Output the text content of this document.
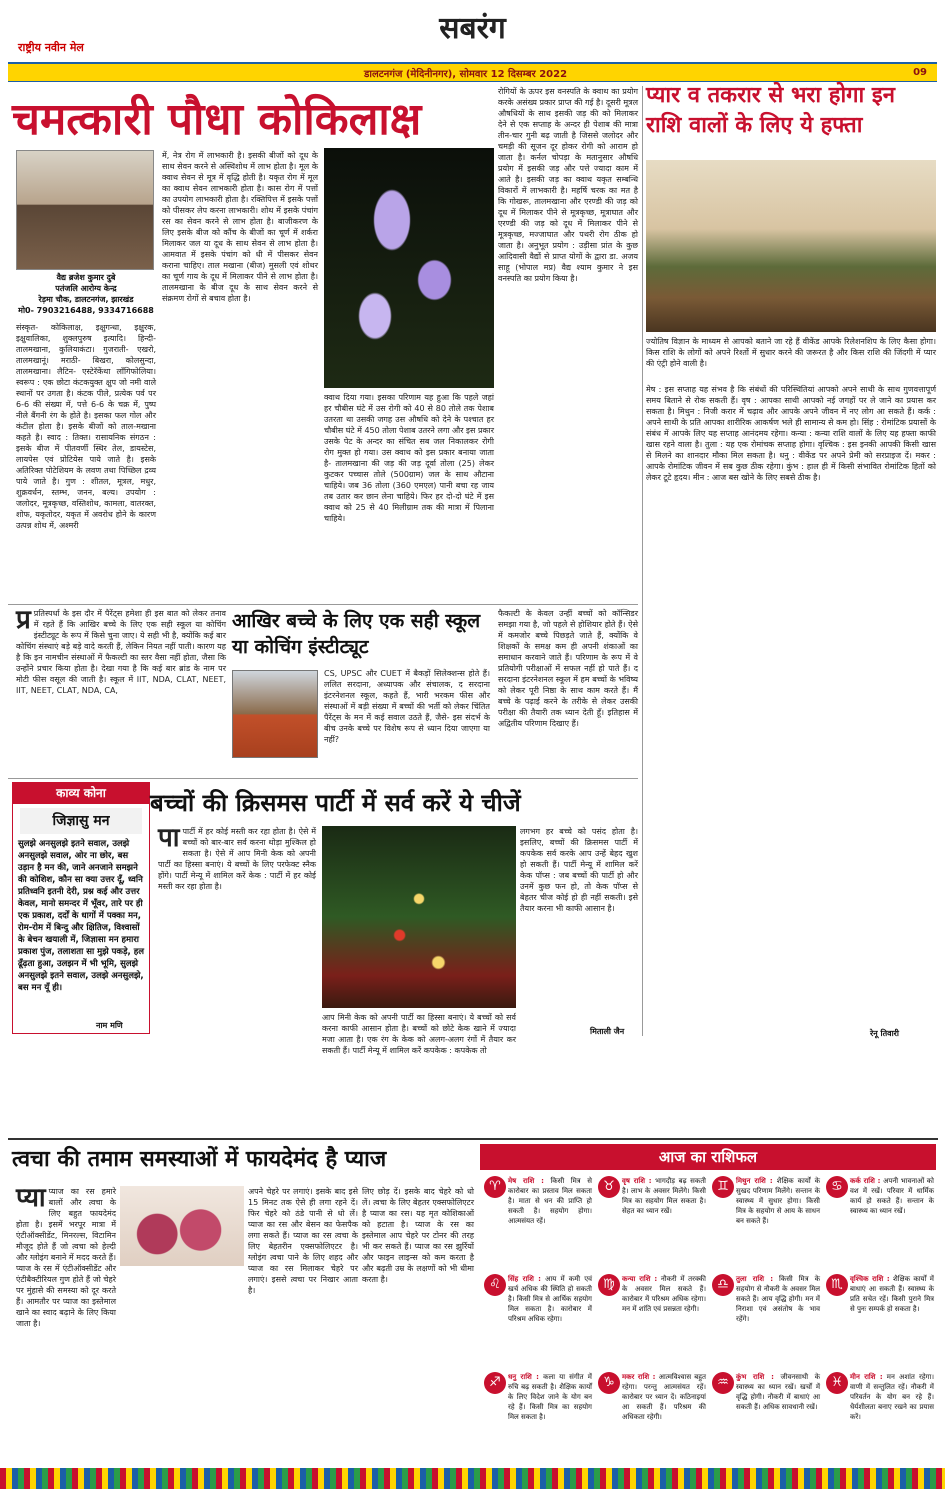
सबरंग
राष्ट्रीय नवीन मेल
डालटनगंज (मेदिनीनगर), सोमवार 12 दिसम्बर 2022	09
चमत्कारी पौधा कोकिलाक्ष
वैद्य ब्रजेश कुमार दुबे
पतंजलि आरोग्य केन्द्र
रेड़मा चौक, डालटनगंज, झारखंड
मो0- 7903216488, 9334716688
संस्कृत- कोकिलाक्ष, इक्षुगन्धा, इक्षुरक, इक्षुवालिका, शुक्लपुरुष इत्यादि। हिन्दी- तालमखाना, कुलियाकंटा। गुजराती- एखरो, तालमखानूं। मराठी- बिखरा, कोलसुन्दा, तालमखाना। लैटिन- एस्टेरॅकेंथा लाँगिफोलिया। स्वरूप : एक छोटा कंटकयुक्त क्षुप जो नमी वाले स्थानों पर उगता है। कंटक पीले, प्रत्येक पर्व पर 6-6 की संख्या में, पत्ते 6-6 के चक्र में, पुष्प नीले बैंगनी रंग के होते है। इसका फल गोल और कंटील होता है। इसके बीजों को ताल-मखाना कहते है। स्वाद : तिक्त। रासायनिक संगठन : इसके बीज में पीतवर्णी स्थिर तेल, डायस्टेस, लायपेस एवं प्रोटियेस पाये जाते है। इसके अतिरिक्त पोटेशियम के लवण तथा पिच्छिल द्रव्य पाये जाते है। गुण : शीतल, मूत्रल, मधुर, शुक्रवर्धन, स्तम्भ, जनन, बल्य। उपयोग : जलोदर, मूत्रकृच्छ, वस्तिशोथ, कामला, वातरक्त, शोफ, यकृतोदर, यकृत में अवरोध होने के कारण उत्पन्न शोथ में, अश्मरी
में, नेत्र रोग में लाभकारी है। इसकी बीजों को दूध के साथ सेवन करने से अस्थिशोथ में लाभ होता है। मूल के क्वाथ सेवन से मूत्र में वृद्धि होती है। यकृत रोग में मूल का क्वाथ सेवन लाभकारी होता है। कास रोग में पत्तों का उपयोग लाभकारी होता है। रक्तिपित्त में इसके पत्तों को पीसकर लेप करना लाभकारी। शोथ में इसके पंचांग रस का सेवन करने से लाभ होता है। बाजीकरण के लिए इसके बीज को कौंच के बीजों का चूर्ण में शर्करा मिलाकर जल या दूध के साथ सेवन से लाभ होता है। आमवात में इसके पंचांग को धी में पीसकर सेवन कराना चाहिए। ताल मखाना (बीज) मुसली एवं शोथर का चूर्ण गाय के दूध में मिलाकर पीने से लाभ होता है। तालमखाना के बीज दूध के साथ सेवन करने से संक्रमण रोगों से बचाव होता है।
क्वाथ दिया गया। इसका परिणाम यह हुआ कि पहले जहां हर चौबीस घंटे में उस रोगी को 40 से 80 तोले तक पेशाब उतरता था उसकी जगह उस औषधि को देने के पश्चात हर चौबीस घंटे में 450 तोला पेशाब उतरने लगा और इस प्रकार उसके पेट के अन्दर का संचित सब जल निकालकर रोगी रोग मुक्त हो गया। उस क्वाथ को इस प्रकार बनाया जाता है- तालमखाना की जड़ की जड़ दूर्वा तोला (25) लेकर कुटकर पच्चास तोले (500ग्राम) जल के साथ औटाना चाहिये। जब 36 तोला (360 एमएल) पानी बचा रह जाय तब उतार कर छान लेना चाहिये। फिर हर दो-दो घंटे में इस क्वाथ को 25 से 40 मिलीग्राम तक की मात्रा में पिलाना चाहिये।
रोगियों के ऊपर इस वनस्पति के क्वाथ का प्रयोग करके असंख्य प्रकार प्राप्त की गई है। दूसरी मूत्रल औषधियों के साथ इसकी जड़ की को मिलाकर देने से एक सप्ताह के अन्दर ही पेशाब की मात्रा तीन-चार गुनी बढ़ जाती है जिससे जलोदर और चमड़ी की सूजन दूर होकर रोगी को आराम हो जाता है। कर्नल चोपड़ा के मतानुसार औषधि प्रयोग में इसकी जड़ और पत्ते ज्यादा काम में आते है। इसकी जड़ का क्वाथ यकृत सम्बन्धि विकारों में लाभकारी है। महर्षि चरक का मत है कि गोखरू, तालमखाना और एरण्डी की जड़ को दूध में मिलाकर पीने से मूत्रकृच्छ, मूत्राघात और एरण्डी की जड़ को दूध में मिलाकर पीने से मूत्रकृच्छ, मज्जाघात और पथरी रोग ठीक हो जाता है। अनुभूत प्रयोग : उड़ीसा प्रांत के कुछ आदिवासी वैद्यों से प्राप्त योगों के द्वारा डा. अजय साहू (भोपाल मप्र) वैद्य श्याम कुमार ने इस वनस्पति का प्रयोग किया है।
प्यार व तकरार से भरा होगा इन राशि वालों के लिए ये हफ्ता
ज्योतिष विज्ञान के माध्यम से आपको बताने जा रहे हैं वीकेंड आपके रिलेशनशिप के लिए कैसा होगा। किस राशि के लोगों को अपने रिश्तों में सुधार करने की जरूरत है और किस राशि की जिंदगी में प्यार की एंट्री होने वाली है।
मेष : इस सप्ताह यह संभव है कि संबंधों की परिस्थितियां आपको अपने साथी के साथ गुणवत्तापूर्ण समय बिताने से रोक सकती हैं। वृष : आपका साथी आपको नई जगहों पर ले जाने का प्रयास कर सकता है। मिथुन : निजी करार में चढ़ाव और आपके अपने जीवन में नए लोग आ सकते हैं। कर्क : अपने साथी के प्रति आपका शारीरिक आकर्षण भले ही सामान्य से कम हो। सिंह : रोमांटिक प्रयासों के संबंध में आपके लिए यह सप्ताह आनंदमय रहेगा। कन्या : कन्या राशि वालों के लिए यह हफ्ता काफी खास रहने वाला है। तुला : यह एक रोमांचक सप्ताह होगा। वृश्चिक : इस इनकी आपकी किसी खास से मिलने का शानदार मौका मिल सकता है। धनु : वीकेंड पर अपने प्रेमी को सरप्राइज दें। मकर : आपके रोमांटिक जीवन में सब कुछ ठीक रहेगा। कुंभ : हाल ही में किसी संभावित रोमांटिक हितों को लेकर टूटे हृदय। मीन : आज बस खोने के लिए सबसे ठीक है।
रेनू तिवारी
प्र प्रतिस्पर्धा के इस दौर में पैरेंट्स हमेशा ही इस बात को लेकर तनाव में रहते हैं कि आखिर बच्चे के लिए एक सही स्कूल या कोचिंग इंस्टीट्यूट के रूप में किसे चुना जाए। ये सही भी है, क्योंकि कई बार कोचिंग संस्थाएं बड़े बड़े वादे करती हैं, लेकिन नियत नहीं पाती। कारण यह है कि इन नामचीन संस्थाओं में फैकल्टी का स्तर वैसा नहीं होता, जैसा कि उन्होंने प्रचार किया होता है। देखा गया है कि कई बार ब्रांड के नाम पर मोटी फीस वसूल की जाती है। स्कूल में IIT, NDA, CLAT, NEET, IIT, NEET, CLAT, NDA, CA,
आखिर बच्चे के लिए एक सही स्कूल या कोचिंग इंस्टीट्यूट
CS, UPSC और CUET में बैकड़ों सिलेक्शन्स होते हैं। ललित सरदाना, अध्यापक और संचालक, द सरदाना इंटरनेशनल स्कूल, कहते हैं, भारी भरकम फीस और संस्थाओं में बड़ी संख्या में बच्चों की भर्ती को लेकर चिंतित पैरेंट्स के मन में कई सवाल उठते हैं, जैसे- इस संदर्भ के बीच उनके बच्चे पर विशेष रूप से ध्यान दिया जाएगा या नहीं?
फैकल्टी के केवल उन्हीं बच्चों को कॉन्सिडर समझा गया है, जो पहले से होशियार होते हैं। ऐसे में कमजोर बच्चे पिछड़ते जाते हैं, क्योंकि वे शिक्षकों के समक्ष कम ही अपनी शंकाओं का समाधान करवाने जाते हैं। परिणाम के रूप में वे प्रतियोगी परीक्षाओं में सफल नहीं हो पाते हैं। द सरदाना इंटरनेशनल स्कूल में हम बच्चों के भविष्य को लेकर पूरी निष्ठा के साथ काम करते हैं। मैं बच्चे के पढ़ाई करने के तरीके से लेकर उसकी परीक्षा की तैयारी तक ध्यान देती हूँ। इतिहास में अद्वितीय परिणाम दिखाए हैं।
काव्य कोना
जिज्ञासु मन
सुलझे अनसुलझे इतने सवाल, उलझे अनसुलझे सवाल, ओर ना छोर, बस उड़ान है मन की, जाने अनजाने समझने की कोशिश, कौन सा क्या उत्तर दूँ, ध्वनि प्रतिध्वनि इतनी देरी, प्रश्न कई और उत्तर केवल, मानो समन्दर में भूँवर, तारे पर ही एक प्रकाश, दर्दों के धागों में पक्का मन, रोम-रोम में बिन्दु और क्षितिज, विश्वासों के बेचन खयाली में, जिज्ञासा मन हमारा प्रकाश पुंज, तलाशता सा मुझे पकड़े, हल ढूँढ़ता हुआ, उलझन में भी भूमि, सुलझे अनसुलझे इतने सवाल, उलझे अनसुलझे, बस मन यूँ ही।
नाम मणि
बच्चों की क्रिसमस पार्टी में सर्व करें ये चीजें
पापार्टी में हर कोई मस्ती कर रहा होता है। ऐसे में बच्चों को बार-बार सर्व करना थोड़ा मुश्किल हो सकता है। ऐसे में आप मिनी केक को अपनी पार्टी का हिस्सा बनाएं। ये बच्चों के लिए परफेक्ट स्नैक होंगे। पार्टी मेन्यू में शामिल करें केक : पार्टी में हर कोई मस्ती कर रहा होता है।
आप मिनी केक को अपनी पार्टी का हिस्सा बनाएं। ये बच्चों को सर्व करना काफी आसान होता है। बच्चों को छोटे केक खाने में ज्यादा मजा आता है। एक रंग के केक को अलग-अलग रंगों में तैयार कर सकती हैं। पार्टी मेन्यू में शामिल करें कपकेक : कपकेक तो
लगभग हर बच्चे को पसंद होता है। इसलिए, बच्चों की क्रिसमस पार्टी में कपकेक सर्व करके आप उन्हें बेहद खुश हो सकती हैं। पार्टी मेन्यू में शामिल करें केक पॉप्स : जब बच्चों की पार्टी हो और उनमें कुछ फन हो, तो केक पॉप्स से बेहतर चीज कोई हो ही नहीं सकती। इसे तैयार करना भी काफी आसान है।
मिताली जैन
त्वचा की तमाम समस्याओं में फायदेमंद है प्याज
प्या प्याज का रस हमारे बालों और त्वचा के लिए बहुत फायदेमंद होता है। इसमें भरपूर मात्रा में एंटीऑक्सीडेंट, मिनरल्स, विटामिन मौजूद होते हैं जो त्वचा को हेल्दी और ग्लोइंग बनाने में मदद करते हैं। प्याज के रस में एंटीऑक्सीडेंट और एंटीबैक्टीरियल गुण होते हैं जो चेहरे पर मुंहासे की समस्या को दूर करते हैं। आमतौर पर प्याज का इस्तेमाल खाने का स्वाद बढ़ाने के लिए किया जाता है।
अपने चेहरे पर लगाएं। इसके बाद इसे 15 मिनट तक ऐसे ही लगा रहने दें। फिर चेहरे को ठंडे पानी से धो लें। प्याज का रस और बेसन का फेसपैक लगा सकते हैं। प्याज का रस त्वचा के लिए बेहतरीन एक्सफोलिएटर है। ग्लोइंग त्वचा पाने के लिए शहद और प्याज का रस मिलाकर चेहरे पर लगाएं। इससे त्वचा पर निखार आता है।
लिए छोड़ दें। इसके बाद चेहरे को धो लें। त्वचा के लिए बेहतर एक्सफोलिएटर है प्याज का रस। यह मृत कोशिकाओं को हटाता है। प्याज के रस का इस्तेमाल आप चेहरे पर टोनर की तरह भी कर सकते हैं। प्याज का रस झुर्रियों और फाइन लाइन्स को कम करता है और बढ़ती उम्र के लक्षणों को भी धीमा करता है।
आज का राशिफल
♈	मेष राशि : किसी मित्र से कारोबार का प्रस्ताव मिल सकता है। माता से धन की प्राप्ति हो सकती है। सहयोग होगा। आत्मसंयत रहें।
♉	वृष राशि : भागदौड़ बढ़ सकती है। लाभ के अवसर मिलेंगे। किसी मित्र का सहयोग मिल सकता है। सेहत का ध्यान रखें।
♊	मिथुन राशि : शैक्षिक कार्यों के सुखद परिणाम मिलेंगे। सन्तान के स्वास्थ्य में सुधार होगा। किसी मित्र के सहयोग से आय के साधन बन सकते हैं।
♋	कर्क राशि : अपनी भावनाओं को वश में रखें। परिवार में धार्मिक कार्य हो सकते हैं। सन्तान के स्वास्थ्य का ध्यान रखें।
♌	सिंह राशि : आय में कमी एवं खर्च अधिक की स्थिति हो सकती है। किसी मित्र से आर्थिक सहयोग मिल सकता है। कारोबार में परिश्रम अधिक रहेगा।
♍	कन्या राशि : नौकरी में तरक्की के अवसर मिल सकते हैं। कारोबार में परिश्रम अधिक रहेगा। मन में शांति एवं प्रसन्नता रहेगी।
♎	तुला राशि : किसी मित्र के सहयोग से नौकरी के अवसर मिल सकते हैं। आय वृद्धि होगी। मन में निराशा एवं असंतोष के भाव रहेंगे।
♏	वृश्चिक राशि : शैक्षिक कार्यों में बाधाएं आ सकती हैं। स्वास्थ्य के प्रति सचेत रहें। किसी पुराने मित्र से पुनः सम्पर्क हो सकता है।
♐	धनु राशि : कला या संगीत में रुचि बढ़ सकती है। शैक्षिक कार्यों के लिए विदेश जाने के योग बन रहे हैं। किसी मित्र का सहयोग मिल सकता है।
♑	मकर राशि : आत्मविश्वास बहुत रहेगा। परन्तु आत्मसंयत रहें। कारोबार पर ध्यान दें। कठिनाइयां आ सकती हैं। परिश्रम की अधिकता रहेगी।
♒	कुंभ राशि : जीवनसाथी के स्वास्थ्य का ध्यान रखें। खर्चों में वृद्धि होगी। नौकरी में बाधाएं आ सकती हैं। अधिक सावधानी रखें।
♓	मीन राशि : मन अशांत रहेगा। वाणी में सन्तुलित रहें। नौकरी में परिवर्तन के योग बन रहे हैं। धैर्यशीलता बनाए रखने का प्रयास करें।
